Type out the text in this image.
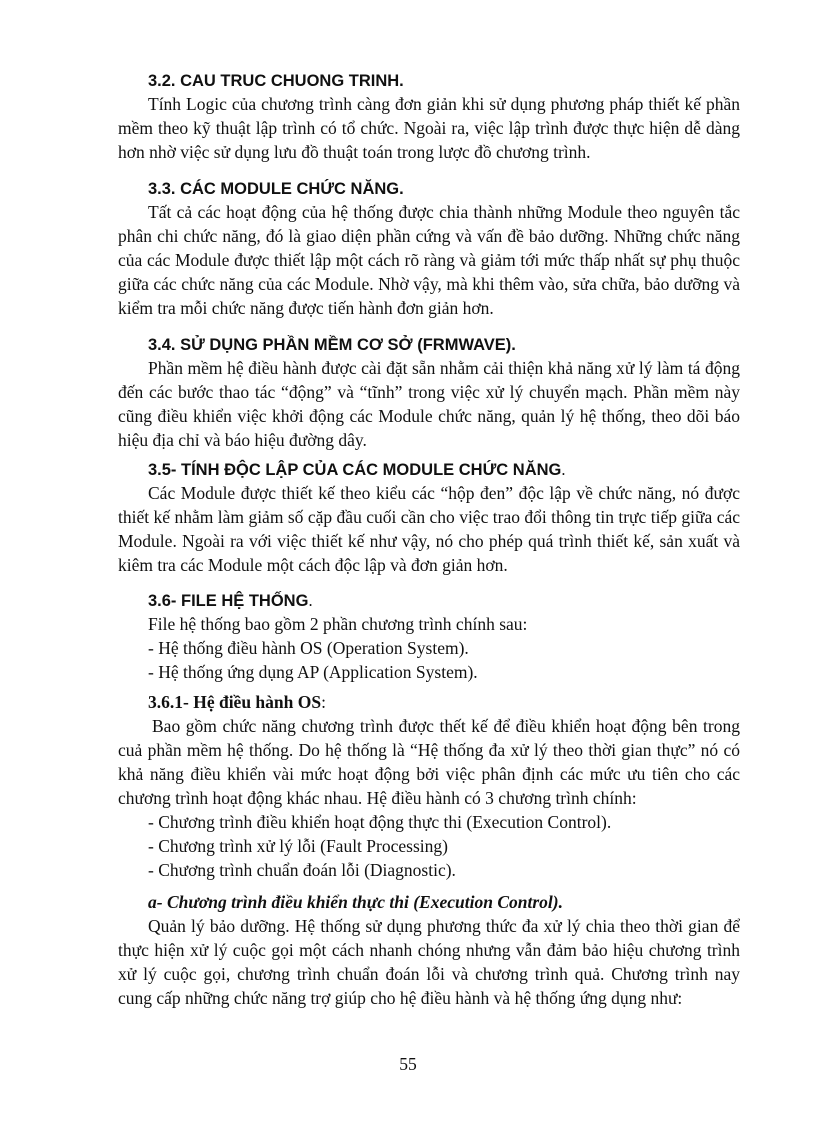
3.2. CAU TRUC CHUONG TRINH.

Tính Logic của chương trình càng đơn giản khi sử dụng phương pháp thiết kế phần mềm theo kỹ thuật lập trình có tổ chức. Ngoài ra, việc lập trình được thực hiện dễ dàng hơn nhờ việc sử dụng lưu đồ thuật toán trong lược đồ chương trình.

3.3. CÁC MODULE CHỨC NĂNG.

Tất cả các hoạt động của hệ thống được chia thành những Module theo nguyên tắc phân chi chức năng, đó là giao diện phần cứng và vấn đề bảo dưỡng. Những chức năng của các Module được thiết lập một cách rõ ràng và giảm tới mức thấp nhất sự phụ thuộc giữa các chức năng của các Module. Nhờ vậy, mà khi thêm vào, sửa chữa, bảo dưỡng và kiểm tra mỗi chức năng được tiến hành đơn giản hơn.

3.4. SỬ DỤNG PHẦN MỀM CƠ SỞ (FRMWAVE).

Phần mềm hệ điều hành được cài đặt sẵn nhằm cải thiện khả năng xử lý làm tá động đến các bước thao tác “động” và “tĩnh” trong việc xử lý chuyển mạch. Phần mềm này cũng điều khiển việc khởi động các Module chức năng, quản lý hệ thống, theo dõi báo hiệu địa chỉ và báo hiệu đường dây.

3.5- TÍNH ĐỘC LẬP CỦA CÁC MODULE CHỨC NĂNG.

Các Module được thiết kế theo kiểu các “hộp đen” độc lập về chức năng, nó được thiết kế nhằm làm giảm số cặp đầu cuối cần cho việc trao đổi thông tin trực tiếp giữa các Module. Ngoài ra với việc thiết kế như vậy, nó cho phép quá trình thiết kế, sản xuất và kiêm tra các Module một cách độc lập và đơn giản hơn.

3.6- FILE HỆ THỐNG.

File hệ thống bao gồm 2 phần chương trình chính sau:

- Hệ thống điều hành OS (Operation System).

- Hệ thống ứng dụng AP (Application System).

3.6.1- Hệ điều hành OS:

Bao gồm chức năng chương trình được thết kế để điều khiển hoạt động bên trong cuả phần mềm hệ thống. Do hệ thống là “Hệ thống đa xử lý theo thời gian thực” nó có khả năng điều khiển vài mức hoạt động bởi việc phân định các mức ưu tiên cho các chương trình hoạt động khác nhau. Hệ điều hành có 3 chương trình chính:

- Chương trình điều khiển hoạt động thực thi (Execution Control).

- Chương trình xử lý lỗi (Fault Processing)

- Chương trình chuẩn đoán lỗi (Diagnostic).

a- Chương trình điều khiển thực thi (Execution Control).

Quản lý bảo dưỡng. Hệ thống sử dụng phương thức đa xử lý chia theo thời gian để thực hiện xử lý cuộc gọi một cách nhanh chóng nhưng vẫn đảm bảo hiệu chương trình xử lý cuộc gọi, chương trình chuẩn đoán lỗi và chương trình quả. Chương trình nay cung cấp những chức năng trợ giúp cho hệ điều hành và hệ thống ứng dụng như:

55
